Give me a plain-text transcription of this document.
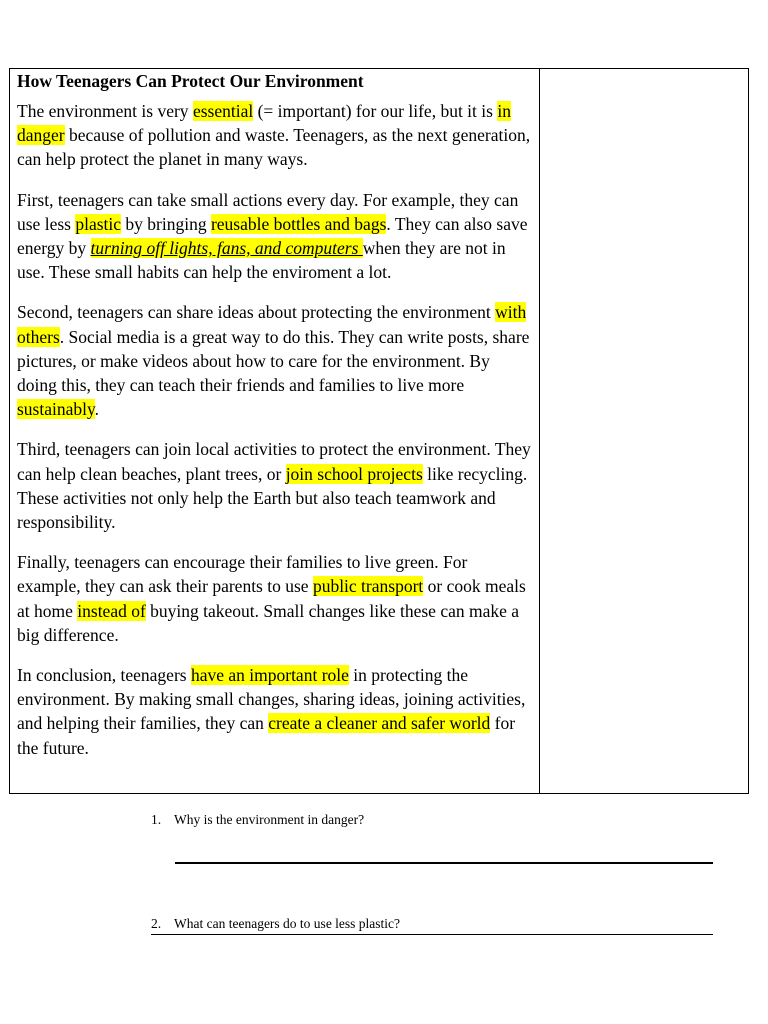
How Teenagers Can Protect Our Environment

The environment is very essential (= important) for our life, but it is in danger because of pollution and waste. Teenagers, as the next generation, can help protect the planet in many ways.

First, teenagers can take small actions every day. For example, they can use less plastic by bringing reusable bottles and bags. They can also save energy by turning off lights, fans, and computers when they are not in use. These small habits can help the enviroment a lot.

Second, teenagers can share ideas about protecting the environment with others. Social media is a great way to do this. They can write posts, share pictures, or make videos about how to care for the environment. By doing this, they can teach their friends and families to live more sustainably.

Third, teenagers can join local activities to protect the environment. They can help clean beaches, plant trees, or join school projects like recycling. These activities not only help the Earth but also teach teamwork and responsibility.

Finally, teenagers can encourage their families to live green. For example, they can ask their parents to use public transport or cook meals at home instead of buying takeout. Small changes like these can make a big difference.

In conclusion, teenagers have an important role in protecting the environment. By making small changes, sharing ideas, joining activities, and helping their families, they can create a cleaner and safer world for the future.

1. Why is the environment in danger?
2. What can teenagers do to use less plastic?
